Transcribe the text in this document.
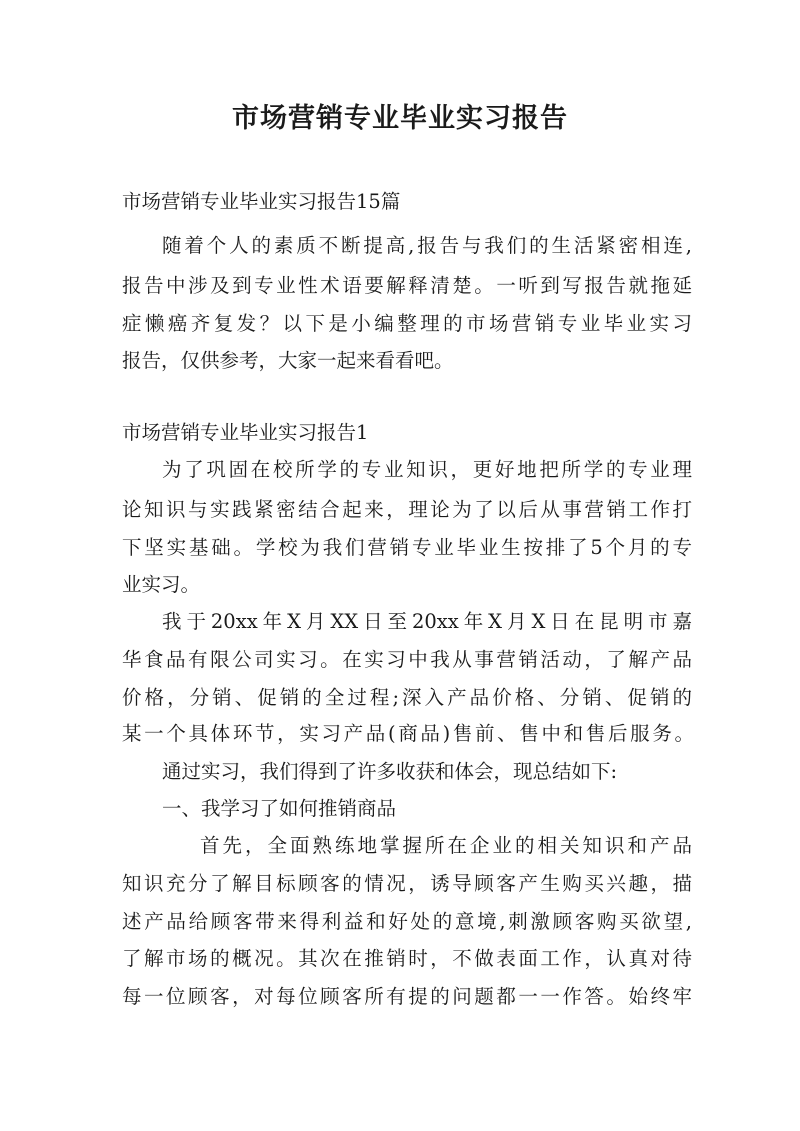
市场营销专业毕业实习报告

市场营销专业毕业实习报告15篇

随着个人的素质不断提高,报告与我们的生活紧密相连,

报告中涉及到专业性术语要解释清楚。一听到写报告就拖延

症懒癌齐复发？以下是小编整理的市场营销专业毕业实习

报告，仅供参考，大家一起来看看吧。

市场营销专业毕业实习报告1

为了巩固在校所学的专业知识，更好地把所学的专业理

论知识与实践紧密结合起来，理论为了以后从事营销工作打

下坚实基础。学校为我们营销专业毕业生按排了5个月的专

业实习。

我于20xx年X月XX日至20xx年X月X日在昆明市嘉

华食品有限公司实习。在实习中我从事营销活动，了解产品

价格，分销、促销的全过程;深入产品价格、分销、促销的

某一个具体环节，实习产品(商品)售前、售中和售后服务。

通过实习，我们得到了许多收获和体会，现总结如下:

一、我学习了如何推销商品

首先，全面熟练地掌握所在企业的相关知识和产品

知识充分了解目标顾客的情况，诱导顾客产生购买兴趣，描

述产品给顾客带来得利益和好处的意境,刺激顾客购买欲望,

了解市场的概况。其次在推销时，不做表面工作，认真对待

每一位顾客，对每位顾客所有提的问题都一一作答。始终牢
